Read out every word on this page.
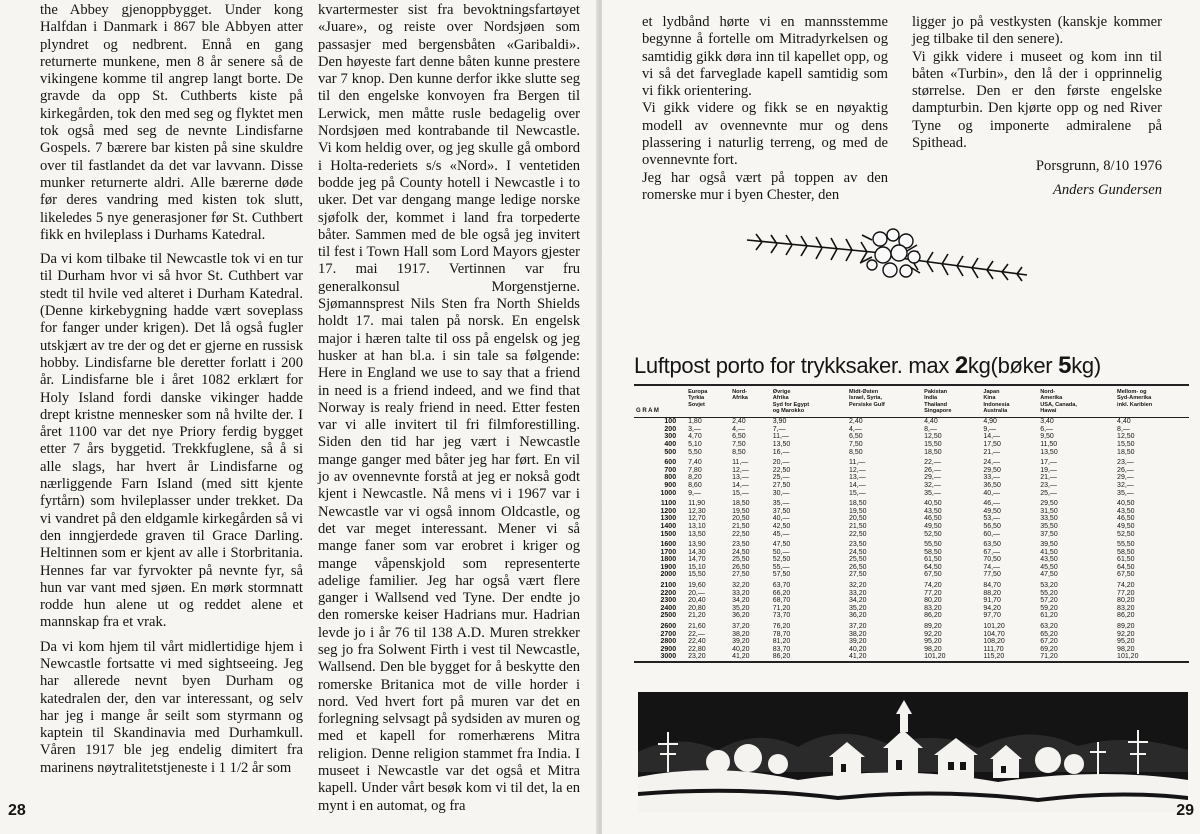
the Abbey gjenoppbygget. Under kong Halfdan i Danmark i 867 ble Abbyen atter plyndret og nedbrent. Ennå en gang returnerte munkene, men 8 år senere så de vikingene komme til angrep langt borte. De gravde da opp St. Cuthberts kiste på kirkegården, tok den med seg og flyktet men tok også med seg de nevnte Lindisfarne Gospels. 7 bærere bar kisten på sine skuldre over til fastlandet da det var lavvann. Disse munker returnerte aldri. Alle bærerne døde før deres vandring med kisten tok slutt, likeledes 5 nye generasjoner før St. Cuthbert fikk en hvileplass i Durhams Katedral.

Da vi kom tilbake til Newcastle tok vi en tur til Durham hvor vi så hvor St. Cuthbert var stedt til hvile ved alteret i Durham Katedral. (Denne kirkebygning hadde vært soveplass for fanger under krigen). Det lå også fugler utskjært av tre der og det er gjerne en russisk hobby. Lindisfarne ble deretter forlatt i 200 år. Lindisfarne ble i året 1082 erklært for Holy Island fordi danske vikinger hadde drept kristne mennesker som nå hvilte der. I året 1100 var det nye Priory ferdig bygget etter 7 års byggetid. Trekkfuglene, så å si alle slags, har hvert år Lindisfarne og nærliggende Farn Island (med sitt kjente fyrtårn) som hvileplasser under trekket. Da vi vandret på den eldgamle kirkegården så vi den inngjerdede graven til Grace Darling. Heltinnen som er kjent av alle i Storbritania. Hennes far var fyrvokter på nevnte fyr, så hun var vant med sjøen. En mørk stormnatt rodde hun alene ut og reddet alene et mannskap fra et vrak.

Da vi kom hjem til vårt midlertidige hjem i Newcastle fortsatte vi med sightseeing. Jeg har allerede nevnt byen Durham og katedralen der, den var interessant, og selv har jeg i mange år seilt som styrmann og kaptein til Skandinavia med Durhamkull. Våren 1917 ble jeg endelig dimitert fra marinens nøytralitetstjeneste i 1 1/2 år som

kvartermester sist fra bevoktningsfartøyet «Juare», og reiste over Nordsjøen som passasjer med bergensbåten «Garibaldi». Den høyeste fart denne båten kunne prestere var 7 knop. Den kunne derfor ikke slutte seg til den engelske konvoyen fra Bergen til Lerwick, men måtte rusle bedagelig over Nordsjøen med kontrabande til Newcastle. Vi kom heldig over, og jeg skulle gå ombord i Holta-rederiets s/s «Nord». I ventetiden bodde jeg på County hotell i Newcastle i to uker. Det var dengang mange ledige norske sjøfolk der, kommet i land fra torpederte båter. Sammen med de ble også jeg invitert til fest i Town Hall som Lord Mayors gjester 17. mai 1917. Vertinnen var fru generalkonsul Morgenstjerne. Sjømannsprest Nils Sten fra North Shields holdt 17. mai talen på norsk. En engelsk major i hæren talte til oss på engelsk og jeg husker at han bl.a. i sin tale sa følgende: Here in England we use to say that a friend in need is a friend indeed, and we find that Norway is realy friend in need. Etter festen var vi alle invitert til fri filmforestilling. Siden den tid har jeg vært i Newcastle mange ganger med båter jeg har ført. En vil jo av ovennevnte forstå at jeg er nokså godt kjent i Newcastle. Nå mens vi i 1967 var i Newcastle var vi også innom Oldcastle, og det var meget interessant. Mener vi så mange faner som var erobret i kriger og mange våpenskjold som representerte adelige familier. Jeg har også vært flere ganger i Wallsend ved Tyne. Der endte jo den romerske keiser Hadrians mur. Hadrian levde jo i år 76 til 138 A.D. Muren strekker seg jo fra Solwent Firth i vest til Newcastle, Wallsend. Den ble bygget for å beskytte den romerske Britanica mot de ville horder i nord. Ved hvert fort på muren var det en forlegning selvsagt på sydsiden av muren og med et kapell for romerhærens Mitra religion. Denne religion stammet fra India. I museet i Newcastle var det også et Mitra kapell. Under vårt besøk kom vi til det, la en mynt i en automat, og fra

28

et lydbånd hørte vi en mannsstemme begynne å fortelle om Mitradyrkelsen og samtidig gikk døra inn til kapellet opp, og vi så det farveglade kapell samtidig som vi fikk orientering.

Vi gikk videre og fikk se en nøyaktig modell av ovennevnte mur og dens plassering i naturlig terreng, og med de ovennevnte fort.

Jeg har også vært på toppen av den romerske mur i byen Chester, den

ligger jo på vestkysten (kanskje kommer jeg tilbake til den senere).

Vi gikk videre i museet og kom inn til båten «Turbin», den lå der i opprinnelig størrelse. Den er den første engelske dampturbin. Den kjørte opp og ned River Tyne og imponerte admiralene på Spithead.

Porsgrunn, 8/10 1976
Anders Gundersen
Luftpost porto for trykksaker. max 2kg(bøker 5kg)
G R A M	Europa
Tyrkia
Sovjet	Nord-
Afrika	Øvrige
Afrika
Syd for Egypt
og Marokko	Midt-Østen
Israel, Syria,
Persiske Gulf	Pakistan
India
Thailand
Singapore	Japan
Kina
Indonesia
Australia	Nord-
Amerika
USA, Canada,
Hawai	Mellom- og
Syd-Amerika
inkl. Karibien
100	1,80	2,40	3,90	2,40	4,40	4,90	3,40	4,40
200	3,—	4,—	7,—	4,—	8,—	9,—	6,—	8,—
300	4,70	6,50	11,—	6,50	12,50	14,—	9,50	12,50
400	5,10	7,50	13,50	7,50	15,50	17,50	11,50	15,50
500	5,50	8,50	16,—	8,50	18,50	21,—	13,50	18,50
600	7,40	11,—	20,—	11,—	22,—	24,—	17,—	23,—
700	7,80	12,—	22,50	12,—	26,—	29,50	19,—	26,—
800	8,20	13,—	25,—	13,—	29,—	33,—	21,—	29,—
900	8,60	14,—	27,50	14,—	32,—	36,50	23,—	32,—
1000	9,—	15,—	30,—	15,—	35,—	40,—	25,—	35,—
1100	11,90	18,50	35,—	18,50	40,50	46,—	29,50	40,50
1200	12,30	19,50	37,50	19,50	43,50	49,50	31,50	43,50
1300	12,70	20,50	40,—	20,50	46,50	53,—	33,50	46,50
1400	13,10	21,50	42,50	21,50	49,50	56,50	35,50	49,50
1500	13,50	22,50	45,—	22,50	52,50	60,—	37,50	52,50
1600	13,90	23,50	47,50	23,50	55,50	63,50	39,50	55,50
1700	14,30	24,50	50,—	24,50	58,50	67,—	41,50	58,50
1800	14,70	25,50	52,50	25,50	61,50	70,50	43,50	61,50
1900	15,10	26,50	55,—	26,50	64,50	74,—	45,50	64,50
2000	15,50	27,50	57,50	27,50	67,50	77,50	47,50	67,50
2100	19,60	32,20	63,70	32,20	74,20	84,70	53,20	74,20
2200	20,—	33,20	66,20	33,20	77,20	88,20	55,20	77,20
2300	20,40	34,20	68,70	34,20	80,20	91,70	57,20	80,20
2400	20,80	35,20	71,20	35,20	83,20	94,20	59,20	83,20
2500	21,20	36,20	73,70	36,20	86,20	97,70	61,20	86,20
2600	21,60	37,20	76,20	37,20	89,20	101,20	63,20	89,20
2700	22,—	38,20	78,70	38,20	92,20	104,70	65,20	92,20
2800	22,40	39,20	81,20	39,20	95,20	108,20	67,20	95,20
2900	22,80	40,20	83,70	40,20	98,20	111,70	69,20	98,20
3000	23,20	41,20	86,20	41,20	101,20	115,20	71,20	101,20
29
